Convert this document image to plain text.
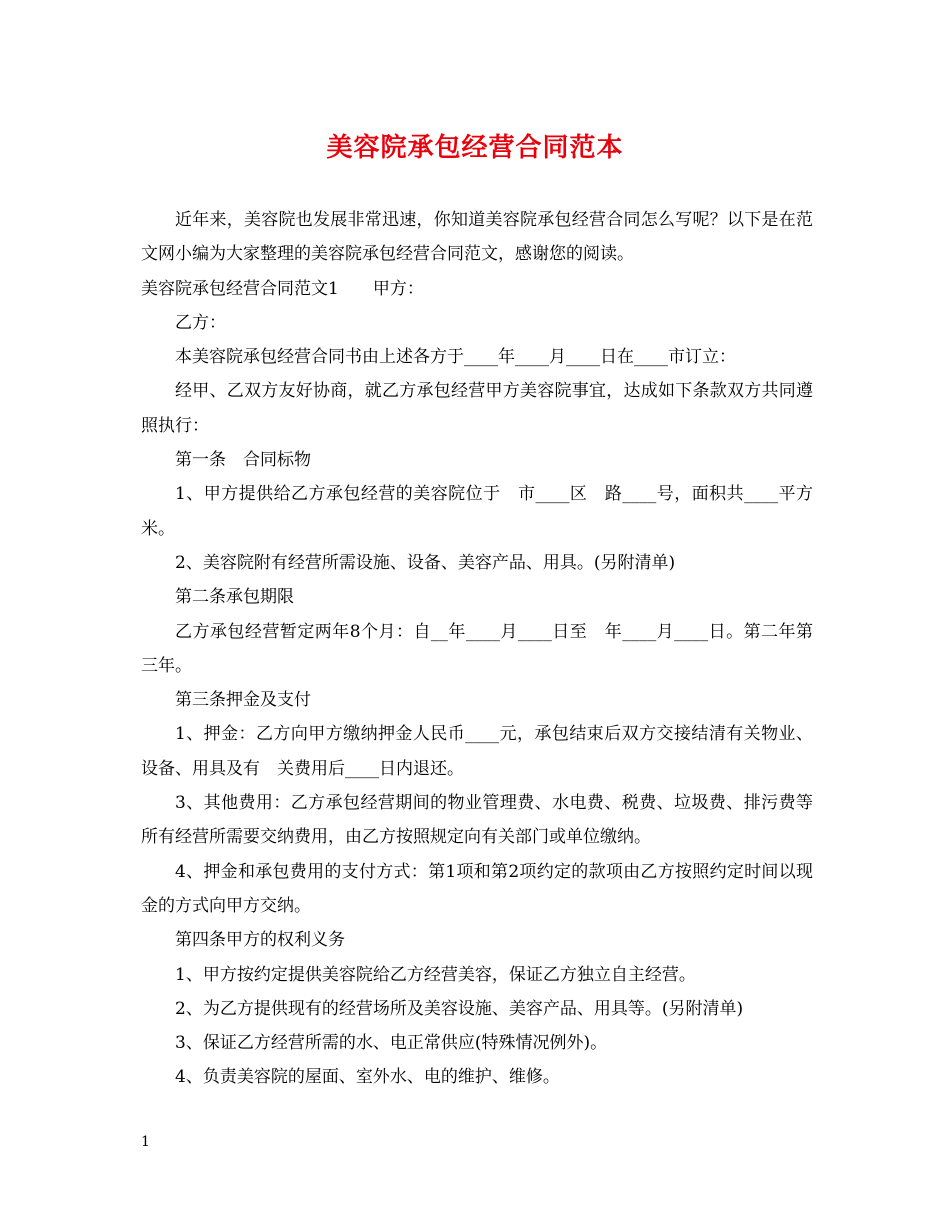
美容院承包经营合同范本

近年来，美容院也发展非常迅速，你知道美容院承包经营合同怎么写呢？以下是在范文网小编为大家整理的美容院承包经营合同范文，感谢您的阅读。

美容院承包经营合同范文1　　甲方：

乙方：

本美容院承包经营合同书由上述各方于____年____月____日在____市订立：

经甲、乙双方友好协商，就乙方承包经营甲方美容院事宜，达成如下条款双方共同遵照执行：

第一条　合同标物

1、甲方提供给乙方承包经营的美容院位于　市____区　路____号，面积共____平方米。

2、美容院附有经营所需设施、设备、美容产品、用具。(另附清单)

第二条承包期限

乙方承包经营暂定两年8个月：自__年____月____日至　年____月____日。第二年第三年。

第三条押金及支付

1、押金：乙方向甲方缴纳押金人民币____元，承包结束后双方交接结清有关物业、设备、用具及有　关费用后____日内退还。

3、其他费用：乙方承包经营期间的物业管理费、水电费、税费、垃圾费、排污费等所有经营所需要交纳费用，由乙方按照规定向有关部门或单位缴纳。

4、押金和承包费用的支付方式：第1项和第2项约定的款项由乙方按照约定时间以现金的方式向甲方交纳。

第四条甲方的权利义务

1、甲方按约定提供美容院给乙方经营美容，保证乙方独立自主经营。

2、为乙方提供现有的经营场所及美容设施、美容产品、用具等。(另附清单)

3、保证乙方经营所需的水、电正常供应(特殊情况例外)。

4、负责美容院的屋面、室外水、电的维护、维修。

1
